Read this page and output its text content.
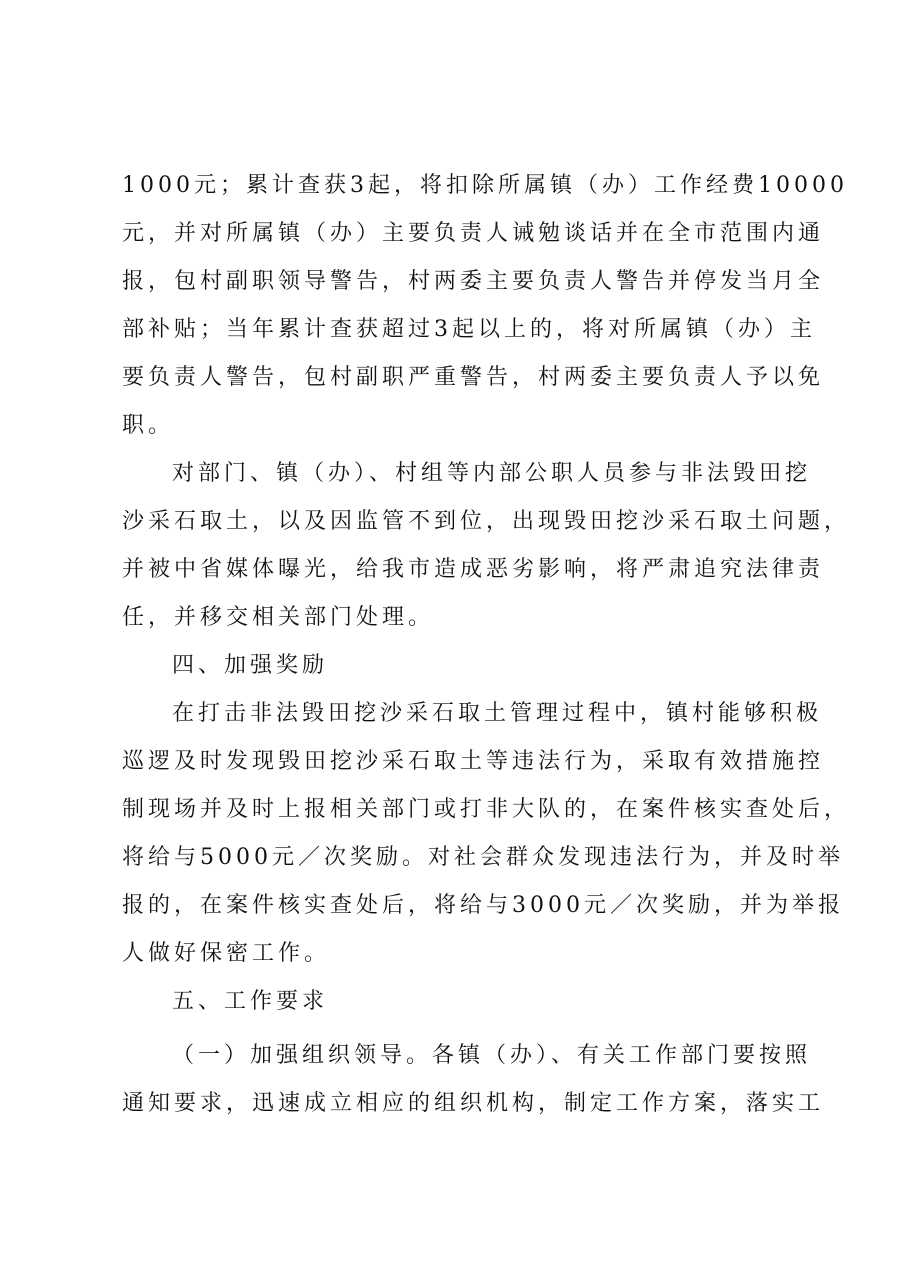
1000元；累计查获3起，将扣除所属镇（办）工作经费10000
元，并对所属镇（办）主要负责人诫勉谈话并在全市范围内通
报，包村副职领导警告，村两委主要负责人警告并停发当月全
部补贴；当年累计查获超过3起以上的，将对所属镇（办）主
要负责人警告，包村副职严重警告，村两委主要负责人予以免
职。
对部门、镇（办）、村组等内部公职人员参与非法毁田挖
沙采石取土，以及因监管不到位，出现毁田挖沙采石取土问题，
并被中省媒体曝光，给我市造成恶劣影响，将严肃追究法律责
任，并移交相关部门处理。
四、加强奖励
在打击非法毁田挖沙采石取土管理过程中，镇村能够积极
巡逻及时发现毁田挖沙采石取土等违法行为，采取有效措施控
制现场并及时上报相关部门或打非大队的，在案件核实查处后，
将给与5000元／次奖励。对社会群众发现违法行为，并及时举
报的，在案件核实查处后，将给与3000元／次奖励，并为举报
人做好保密工作。
五、工作要求
（一）加强组织领导。各镇（办）、有关工作部门要按照
通知要求，迅速成立相应的组织机构，制定工作方案，落实工
